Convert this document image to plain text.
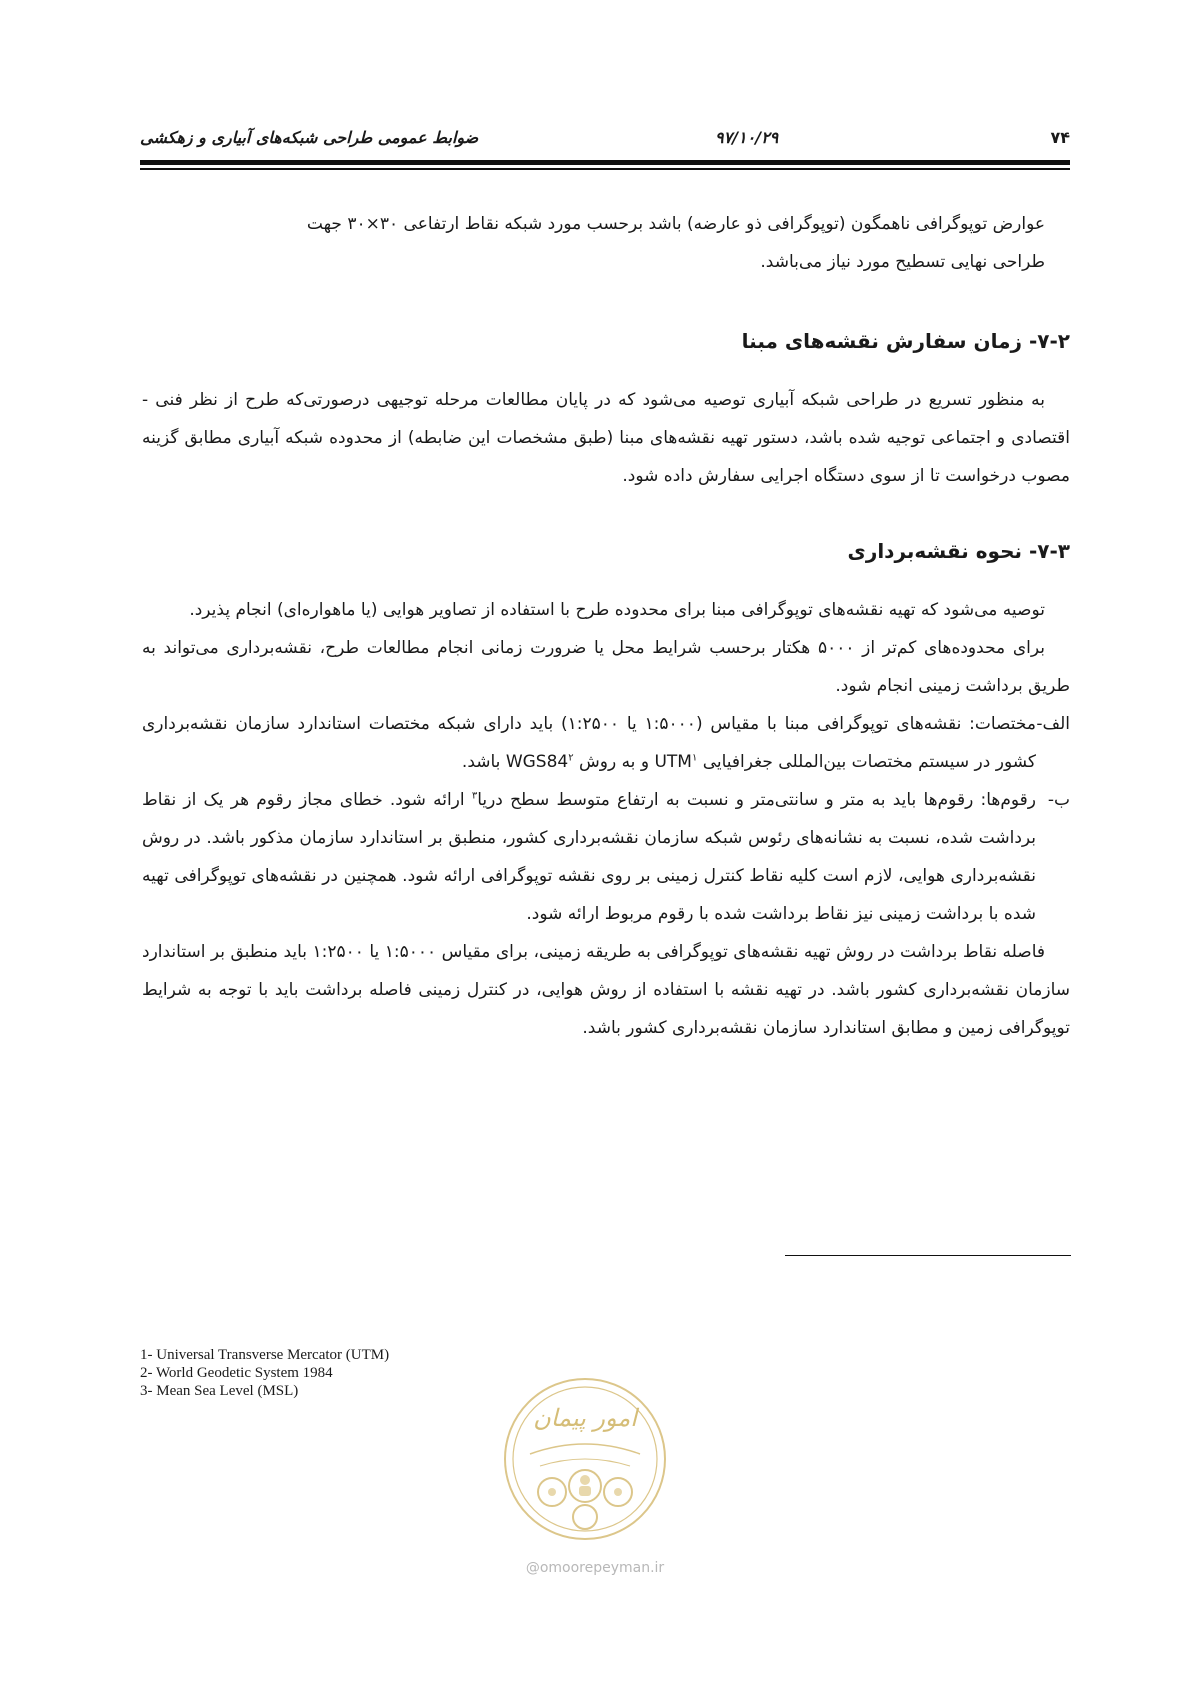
ضوابط عمومی طراحی شبکه‌های آبیاری و زهکشی	۹۷/۱۰/۲۹	۷۴

عوارض توپوگرافی ناهمگون (توپوگرافی ذو عارضه) باشد برحسب مورد شبکه نقاط ارتفاعی ۳۰×۳۰ جهت

طراحی نهایی تسطیح مورد نیاز می‌باشد.

۷-۲- زمان سفارش نقشه‌های مبنا

به منظور تسریع در طراحی شبکه آبیاری توصیه می‌شود که در پایان مطالعات مرحله توجیهی درصورتی‌که طرح از نظر فنی - اقتصادی و اجتماعی توجیه شده باشد، دستور تهیه نقشه‌های مبنا (طبق مشخصات این ضابطه) از محدوده شبکه آبیاری مطابق گزینه مصوب درخواست تا از سوی دستگاه اجرایی سفارش داده شود.

۷-۳- نحوه نقشه‌برداری

توصیه می‌شود که تهیه نقشه‌های توپوگرافی مبنا برای محدوده طرح با استفاده از تصاویر هوایی (یا ماهواره‌ای) انجام پذیرد.

برای محدوده‌های کم‌تر از ۵۰۰۰ هکتار برحسب شرایط محل یا ضرورت زمانی انجام مطالعات طرح، نقشه‌برداری می‌تواند به طریق برداشت زمینی انجام شود.

الف-

مختصات: نقشه‌های توپوگرافی مبنا با مقیاس (۱:۵۰۰۰ یا ۱:۲۵۰۰) باید دارای شبکه مختصات استاندارد سازمان نقشه‌برداری کشور در سیستم مختصات بین‌المللی جغرافیایی UTM$^۱$ و به روش $WGS84^۲$ باشد.

ب-

رقوم‌ها: رقوم‌ها باید به متر و سانتی‌متر و نسبت به ارتفاع متوسط سطح دریا$^۳$ ارائه شود. خطای مجاز رقوم هر یک از نقاط برداشت شده، نسبت به نشانه‌های رئوس شبکه سازمان نقشه‌برداری کشور، منطبق بر استاندارد سازمان مذکور باشد. در روش نقشه‌برداری هوایی، لازم است کلیه نقاط کنترل زمینی بر روی نقشه توپوگرافی ارائه شود. همچنین در نقشه‌های توپوگرافی تهیه شده با برداشت زمینی نیز نقاط برداشت شده با رقوم مربوط ارائه شود.

فاصله نقاط برداشت در روش تهیه نقشه‌های توپوگرافی به طریقه زمینی، برای مقیاس ۱:۵۰۰۰ یا ۱:۲۵۰۰ باید منطبق بر استاندارد سازمان نقشه‌برداری کشور باشد. در تهیه نقشه با استفاده از روش هوایی، در کنترل زمینی فاصله برداشت باید با توجه به شرایط توپوگرافی زمین و مطابق استاندارد سازمان نقشه‌برداری کشور باشد.

1- Universal Transverse Mercator (UTM)
2- World Geodetic System 1984
3- Mean Sea Level (MSL)
امور پیمان
@omoorepeyman.ir
